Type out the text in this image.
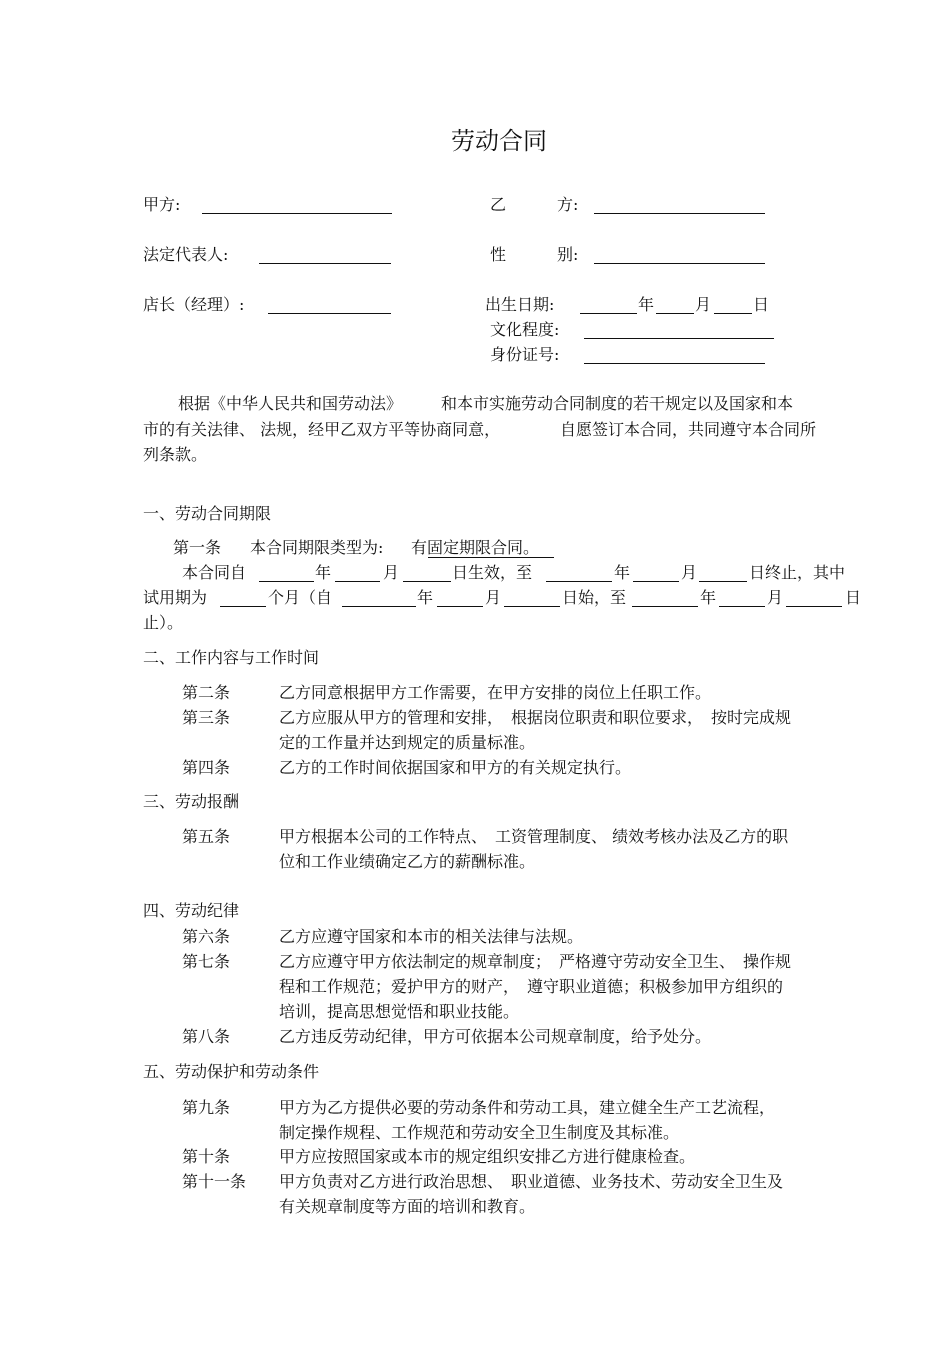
劳动合同
甲方:	乙	方:
法定代表人:	性	别:
店长（经理）:	出生日期:	年	月	日
文化程度:
身份证号:
根据《中华人民共和国劳动法》 和本市实施劳动合同制度的若干规定以及国家和本
市的有关法律、 法规，经甲乙双方平等协商同意，	自愿签订本合同，共同遵守本合同所
列条款。
一、劳动合同期限
第一条 本合同期限类型为: 有固定期限合同。
本合同自	年	月	日生效，至	年	月	日终止，其中
试用期为	个月（自	年	月	日始，至	年	月	日
止）。
二、工作内容与工作时间
第二条	乙方同意根据甲方工作需要，在甲方安排的岗位上任职工作。
第三条	乙方应服从甲方的管理和安排，　根据岗位职责和职位要求，　按时完成规
定的工作量并达到规定的质量标准。
第四条	乙方的工作时间依据国家和甲方的有关规定执行。
三、劳动报酬
第五条	甲方根据本公司的工作特点、　工资管理制度、 绩效考核办法及乙方的职
位和工作业绩确定乙方的薪酬标准。
四、劳动纪律
第六条	乙方应遵守国家和本市的相关法律与法规。
第七条	乙方应遵守甲方依法制定的规章制度；　严格遵守劳动安全卫生、　操作规
程和工作规范；爱护甲方的财产，　遵守职业道德；积极参加甲方组织的
培训，提高思想觉悟和职业技能。
第八条	乙方违反劳动纪律，甲方可依据本公司规章制度，给予处分。
五、劳动保护和劳动条件
第九条	甲方为乙方提供必要的劳动条件和劳动工具，建立健全生产工艺流程，
制定操作规程、工作规范和劳动安全卫生制度及其标准。
第十条	甲方应按照国家或本市的规定组织安排乙方进行健康检查。
第十一条 甲方负责对乙方进行政治思想、　职业道德、业务技术、劳动安全卫生及
有关规章制度等方面的培训和教育。
